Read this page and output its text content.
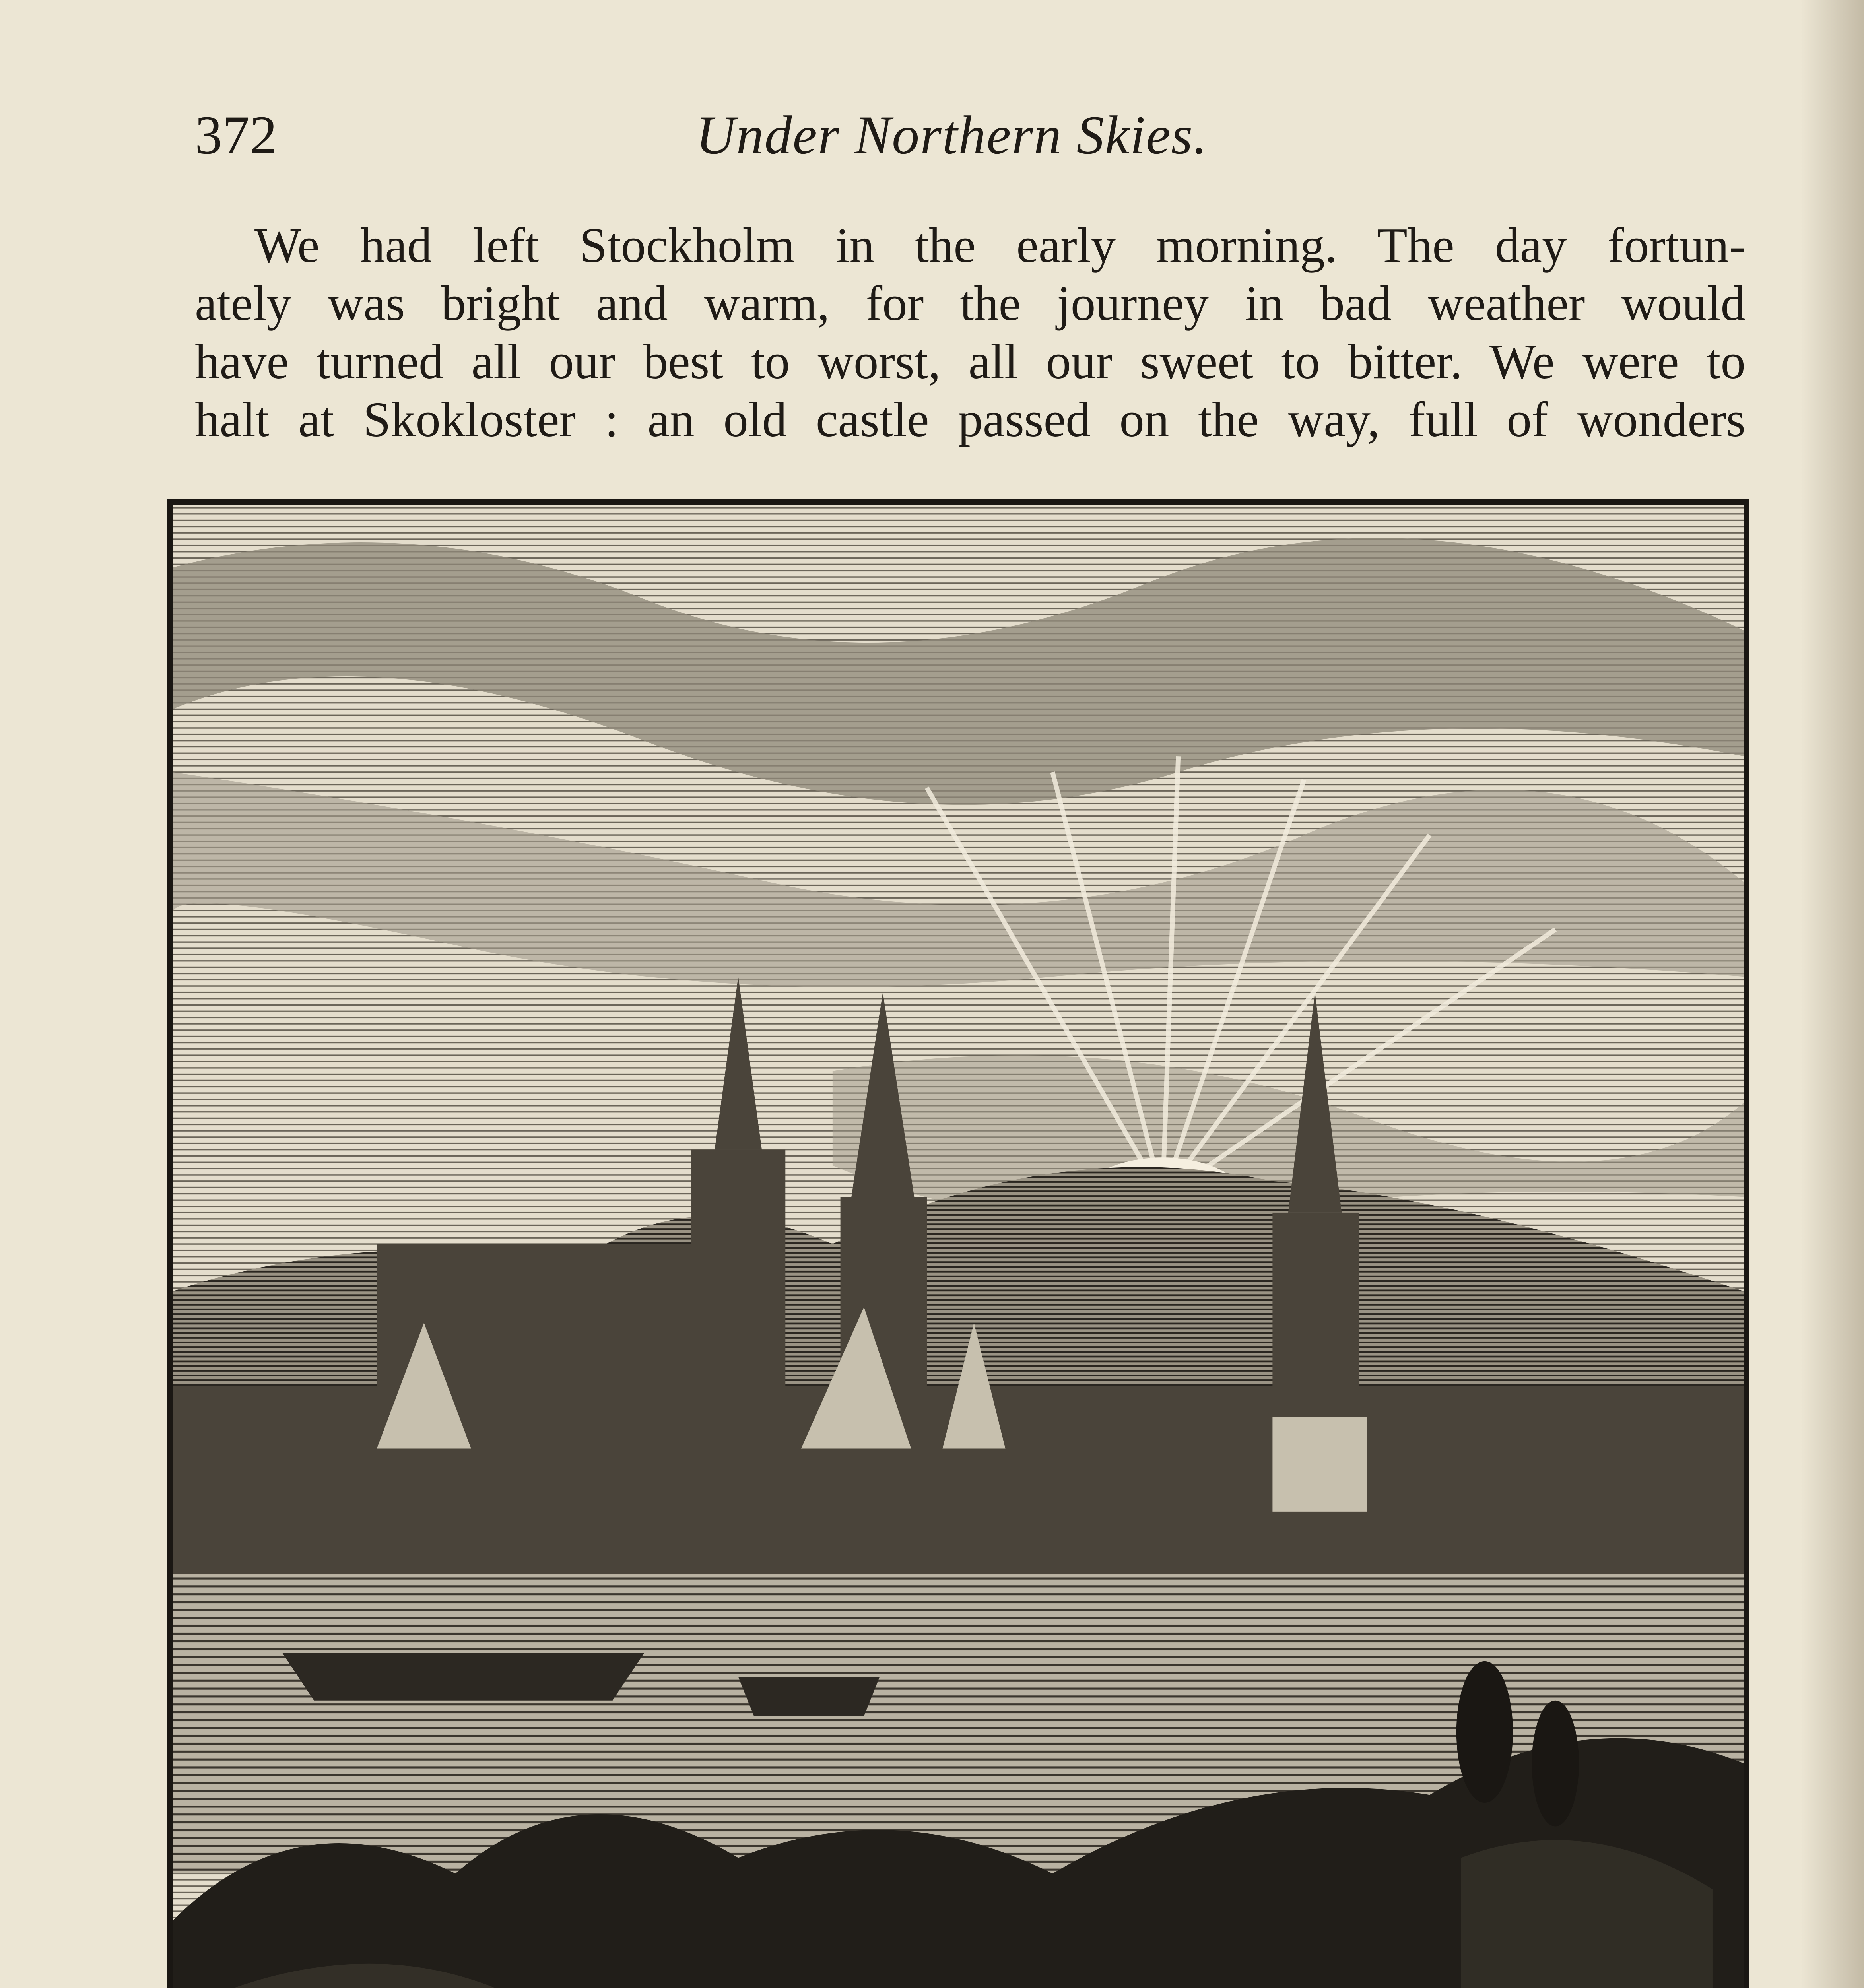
372	Under Northern Skies.
We had left Stockholm in the early morning. The day fortun-
ately was bright and warm, for the journey in bad weather would
have turned all our best to worst, all our sweet to bitter. We were to
halt at Skokloster : an old castle passed on the way, full of wonders
